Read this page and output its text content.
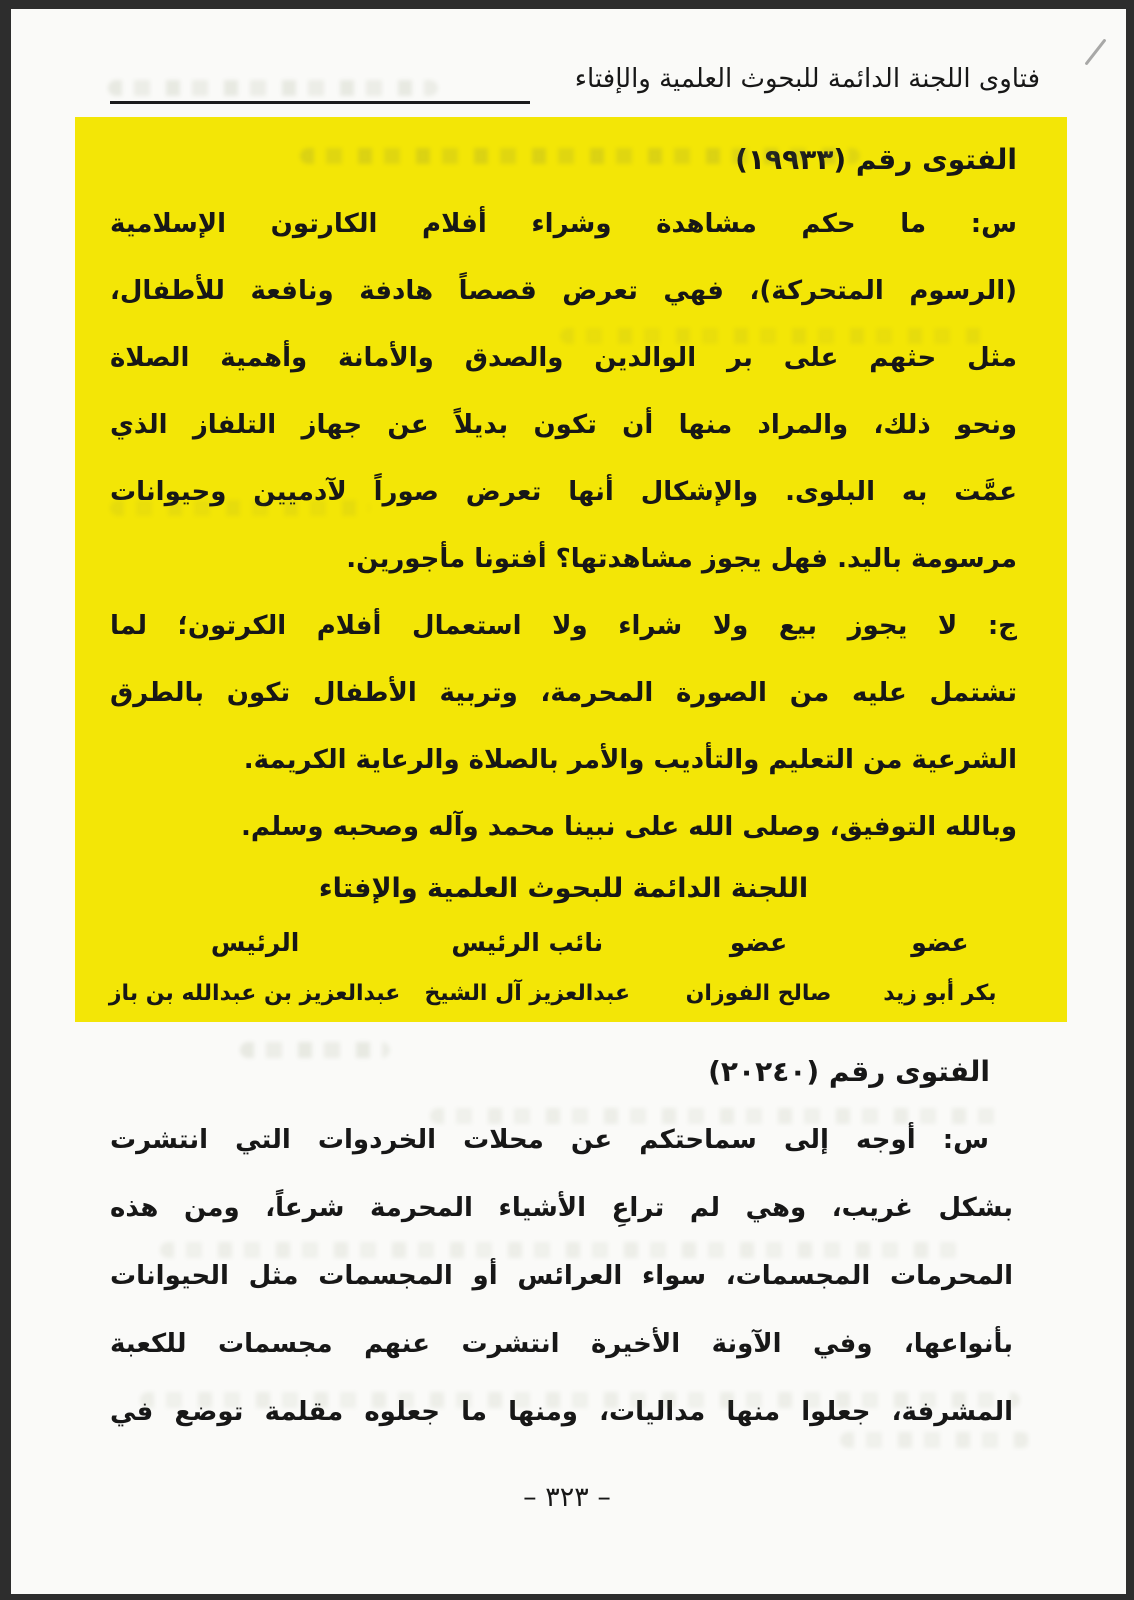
فتاوى اللجنة الدائمة للبحوث العلمية والإفتاء
الفتوى رقم (١٩٩٣٣)
س: ما حكم مشاهدة وشراء أفلام الكارتون الإسلامية
(الرسوم المتحركة)، فهي تعرض قصصاً هادفة ونافعة للأطفال،
مثل حثهم على بر الوالدين والصدق والأمانة وأهمية الصلاة
ونحو ذلك، والمراد منها أن تكون بديلاً عن جهاز التلفاز الذي
عمَّت به البلوى. والإشكال أنها تعرض صوراً لآدميين وحيوانات
مرسومة باليد. فهل يجوز مشاهدتها؟ أفتونا مأجورين.
ج: لا يجوز بيع ولا شراء ولا استعمال أفلام الكرتون؛ لما
تشتمل عليه من الصورة المحرمة، وتربية الأطفال تكون بالطرق
الشرعية من التعليم والتأديب والأمر بالصلاة والرعاية الكريمة.
وبالله التوفيق، وصلى الله على نبينا محمد وآله وصحبه وسلم.
اللجنة الدائمة للبحوث العلمية والإفتاء
عضو
عضو
نائب الرئيس
الرئيس
بكر أبو زيد
صالح الفوزان
عبدالعزيز آل الشيخ
عبدالعزيز بن عبدالله بن باز
الفتوى رقم (٢٠٢٤٠)
س: أوجه إلى سماحتكم عن محلات الخردوات التي انتشرت
بشكل غريب، وهي لم تراعِ الأشياء المحرمة شرعاً، ومن هذه
المحرمات المجسمات، سواء العرائس أو المجسمات مثل الحيوانات
بأنواعها، وفي الآونة الأخيرة انتشرت عنهم مجسمات للكعبة
المشرفة، جعلوا منها مداليات، ومنها ما جعلوه مقلمة توضع في
– ٣٢٣ –
